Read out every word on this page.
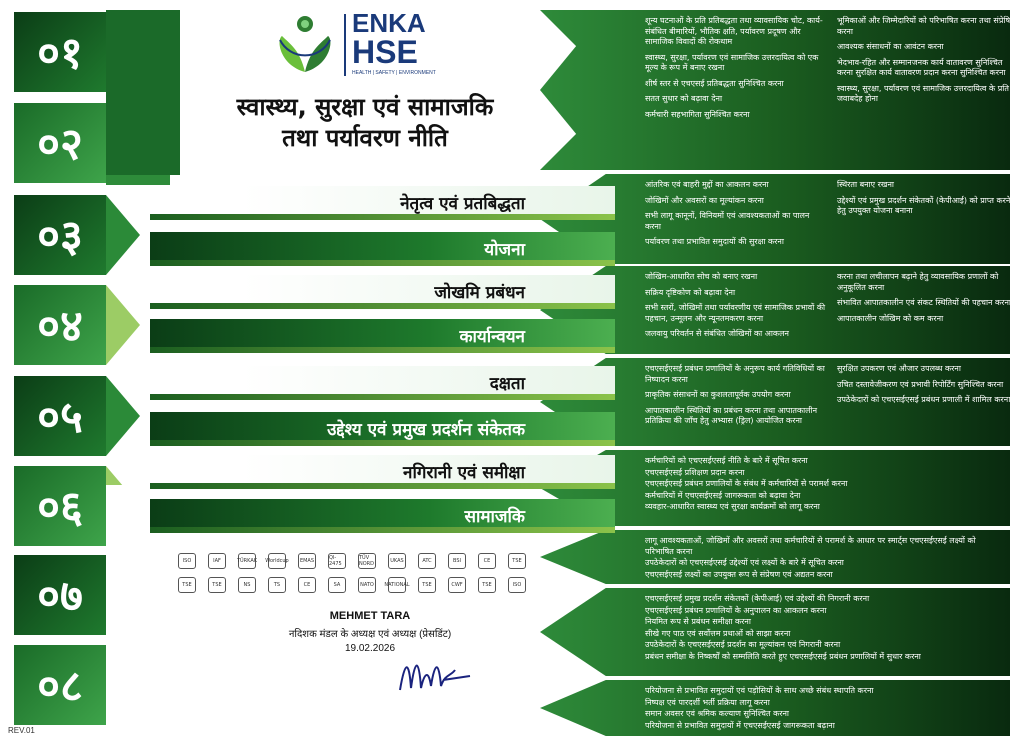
शून्य घटनाओं के प्रति प्रतिबद्धता तथा व्यावसायिक चोट, कार्य-संबंधित बीमारियों, भौतिक क्षति, पर्यावरण प्रदूषण और सामाजिक विवादों की रोकथाम

स्वास्थ्य, सुरक्षा, पर्यावरण एवं सामाजिक उत्तरदायित्व को एक मूल्य के रूप में बनाए रखना

शीर्ष स्तर से एचएसई प्रतिबद्धता सुनिश्चित करना

सतत सुधार को बढ़ावा देना

कर्मचारी सहभागिता सुनिश्चित करना

भूमिकाओं और जिम्मेदारियों को परिभाषित करना तथा संप्रेषित करना

आवश्यक संसाधनों का आवंटन करना

भेदभाव-रहित और सम्मानजनक कार्य वातावरण सुनिश्चित करना सुरक्षित कार्य वातावरण प्रदान करना सुनिश्चित करना

स्वास्थ्य, सुरक्षा, पर्यावरण एवं सामाजिक उत्तरदायित्व के प्रति जवाबदेह होना

आंतरिक एवं बाहरी मुद्दों का आकलन करना

जोखिमों और अवसरों का मूल्यांकन करना

सभी लागू कानूनों, विनियमों एवं आवश्यकताओं का पालन करना

पर्यावरण तथा प्रभावित समुदायों की सुरक्षा करना

स्थिरता बनाए रखना

उद्देश्यों एवं प्रमुख प्रदर्शन संकेतकों (केपीआई) को प्राप्त करने हेतु उपयुक्त योजना बनाना

जोखिम-आधारित सोच को बनाए रखना

सक्रिय दृष्टिकोण को बढ़ावा देना

सभी स्तरों, जोखिमों तथा पर्यावरणीय एवं सामाजिक प्रभावों की पहचान, उन्मूलन और न्यूनतमकरण करना

जलवायु परिवर्तन से संबंधित जोखिमों का आकलन

करना तथा लचीलापन बढ़ाने हेतु व्यावसायिक प्रणालों को अनुकूलित करना

संभावित आपातकालीन एवं संकट स्थितियों की पहचान करना

आपातकालीन जोखिम को कम करना

एचएसईएसई प्रबंधन प्रणालियों के अनुरूप कार्य गतिविधियों का निष्पादन करना

प्राकृतिक संसाधनों का कुशलतापूर्वक उपयोग करना

आपातकालीन स्थितियों का प्रबंधन करना तथा आपातकालीन प्रतिक्रिया की जाँच हेतु अभ्यास (ड्रिल) आयोजित करना

सुरक्षित उपकरण एवं औजार उपलब्ध करना

उचित दस्तावेजीकरण एवं प्रभावी रिपोर्टिंग सुनिश्चित करना

उपठेकेदारों को एचएसईएसई प्रबंधन प्रणाली में शामिल करना

कर्मचारियों को एचएसईएसई नीति के बारे में सूचित करना

एचएसईएसई प्रशिक्षण प्रदान करना

एचएसईएसई प्रबंधन प्रणालियों के संबंध में कर्मचारियों से परामर्श करना

कर्मचारियों में एचएसईएसई जागरूकता को बढ़ावा देना

व्यवहार-आधारित स्वास्थ्य एवं सुरक्षा कार्यक्रमों को लागू करना

लागू आवश्यकताओं, जोखिमों और अवसरों तथा कर्मचारियों से परामर्श के आधार पर स्मार्ट्स एचएसईएसई लक्ष्यों को परिभाषित करना

उपठेकेदारों को एचएसईएसई उद्देश्यों एवं लक्ष्यों के बारे में सूचित करना

एचएसईएसई लक्ष्यों का उपयुक्त रूप से संप्रेषण एवं अद्यतन करना

एचएसईएसई प्रमुख प्रदर्शन संकेतकों (केपीआई) एवं उद्देश्यों की निगरानी करना

एचएसईएसई प्रबंधन प्रणालियों के अनुपालन का आकलन करना

नियमित रूप से प्रबंधन समीक्षा करना

सीखे गए पाठ एवं सर्वोत्तम प्रथाओं को साझा करना

उपठेकेदारों के एचएसईएसई प्रदर्शन का मूल्यांकन एवं निगरानी करना

प्रबंधन समीक्षा के निष्कर्षों को सम्मलिति करते हुए एचएसईएसई प्रबंधन प्रणालियों में सुधार करना

परियोजना से प्रभावित समुदायों एवं पड़ोसियों के साथ अच्छे संबंध स्थापति करना

निष्पक्ष एवं पारदर्शी भर्ती प्रक्रिया लागू करना

समान अवसर एवं श्रमिक कल्याण सुनिश्चित करना

परियोजना से प्रभावित समुदायों में एचएसईएसई जागरूकता बढ़ाना

नेतृत्व एवं प्रतबिद्धता
योजना
जोखमि प्रबंधन
कार्यान्वयन
दक्षता
उद्देश्य एवं प्रमुख प्रदर्शन संकेतक
नगिरानी एवं समीक्षा
सामाजकि
०१
०२
०३
०४
०५
०६
०७
०८
ENKA
HSE
HEALTH | SAFETY | ENVIRONMENT
स्वास्थ्य, सुरक्षा एवं सामाजकि
तथा पर्यावरण नीति
ISO	IAF	TÜRKAK Worldcup	EMAS	QI-2475
TÜV NORD	UKAS	ATC	BSI	CE	TSE
TSE	TSE	NS	TS	CE	SA	NATO	NATIONAL	TSE	CWF	TSE	ISO
MEHMET TARA
नदिशक मंडल के अध्यक्ष एवं अध्यक्ष (प्रेसडिंट)
19.02.2026
REV.01
